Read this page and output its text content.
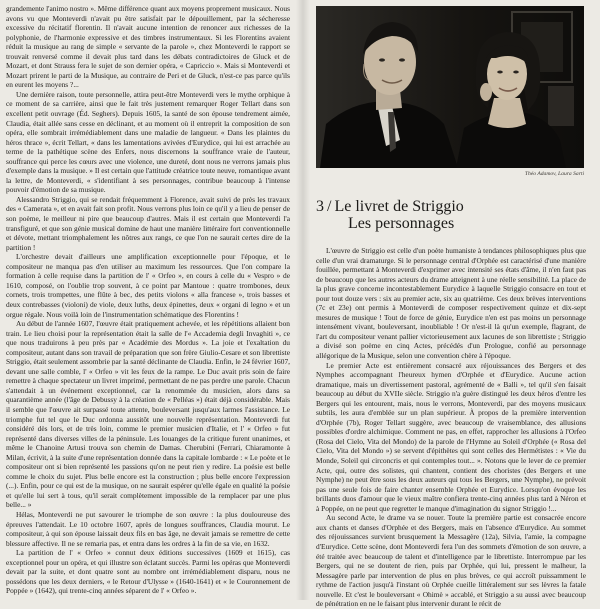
grandemente l'animo nostro ». Même différence quant aux moyens proprement musicaux. Nous avons vu que Monteverdi n'avait pu être satisfait par le dépouillement, par la sécheresse excessive du récitatif florentin. Il n'avait aucune intention de renoncer aux richesses de la polyphonie, de l'harmonie expressive et des timbres instrumentaux. Si les Florentins avaient réduit la musique au rang de simple « servante de la parole », chez Monteverdi le rapport se trouvait renversé comme il devait plus tard dans les débats contradictoires de Gluck et de Mozart, et dont Strauss fera le sujet de son dernier opéra, « Capriccio ». Mais si Monteverdi et Mozart prirent le parti de la Musique, au contraire de Peri et de Gluck, n'est-ce pas parce qu'ils en eurent les moyens ?...

Une dernière raison, toute personnelle, attira peut-être Monteverdi vers le mythe orphique à ce moment de sa carrière, ainsi que le fait très justement remarquer Roger Tellart dans son excellent petit ouvrage (Éd. Seghers). Depuis 1605, la santé de son épouse tendrement aimée, Claudia, était allée sans cesse en déclinant, et au moment où il entreprit la composition de son opéra, elle sombrait irrémédiablement dans une maladie de langueur. « Dans les plaintes du héros thrace », écrit Tellart, « dans les lamentations avivées d'Eurydice, qui lui est arrachée au terme de la pathétique scène des Enfers, nous discernons la souffrance vraie de l'auteur, souffrance qui perce les cœurs avec une violence, une dureté, dont nous ne verrons jamais plus d'exemple dans la musique. » Il est certain que l'attitude créatrice toute neuve, romantique avant la lettre, de Monteverdi, « s'identifiant à ses personnages, contribue beaucoup à l'intense pouvoir d'émotion de sa musique.

Alessandro Striggio, qui se rendait fréquemment à Florence, avait suivi de près les travaux des « Camerata », et en avait fait son profit. Nous verrons plus loin ce qu'il y a lieu de penser de son poème, le meilleur ni pire que beaucoup d'autres. Mais il est certain que Monteverdi l'a transfiguré, et que son génie musical domine de haut une manière littéraire fort conventionnelle et dévote, mettant triomphalement les nôtres aux rangs, ce que l'on ne saurait certes dire de la partition !

L'orchestre devait d'ailleurs une amplification exceptionnelle pour l'époque, et le compositeur ne manqua pas d'en utiliser au maximum les ressources. Que l'on compare la formation à celle requise dans la partition de l' « Orfeo », en cours à celle du « Vespro » de 1610, composé, on l'oublie trop souvent, à ce point par Mantoue : quatre trombones, deux cornets, trois trompettes, une flûte à bec, des petits violons « alla francese », trois basses et deux contrebasses (violoni) de viole, deux luths, deux épinettes, deux « organi di legno » et un orgue régale. Nous voilà loin de l'instrumentation schématique des Florentins !

Au début de l'année 1607, l'œuvre était pratiquement achevée, et les répétitions allaient bon train. Le lieu choisi pour la représentation était la salle de l'« Accademia degli Invaghiti », ce que nous traduirons à peu près par « Académie des Mordus ». La joie et l'exaltation du compositeur, autant dans son travail de préparation que son frère Giulio-Cesare et son librettiste Striggio, était seulement assombrie par la santé déclinante de Claudia. Enfin, le 24 février 1607, devant une salle comble, l' « Orfeo » vit les feux de la rampe. Le Duc avait pris soin de faire remettre à chaque spectateur un livret imprimé, permettant de ne pas perdre une parole. Chacun s'attendait à un événement exceptionnel, car la renommée du musicien, alors dans sa quarantième année (l'âge de Debussy à la création de « Pelléas ») était déjà considérable. Mais il semble que l'œuvre ait surpassé toute attente, bouleversant jusqu'aux larmes l'assistance. Le triomphe fut tel que le Duc ordonna aussitôt une nouvelle représentation. Monteverdi fut considéré dès lors, et de très loin, comme le premier musicien d'Italie, et l' « Orfeo » fut représenté dans diverses villes de la péninsule. Les louanges de la critique furent unanimes, et même le Chanoine Artusi trouva son chemin de Damas. Cherubini (Ferrari, Chiaramonte à Milan, écrivit, à la suite d'une représentation donnée dans la capitale lombarde : « Le poète et le compositeur ont si bien représenté les passions qu'on ne peut rien y redire. La poésie est belle comme le choix du sujet. Plus belle encore est la construction ; plus belle encore l'expression (...). Enfin, pour ce qui est de la musique, on ne saurait espérer qu'elle égale en qualité la poésie et qu'elle lui sert à tous, qu'il serait complètement impossible de la remplacer par une plus belle... »

Hélas, Monteverdi ne put savourer le triomphe de son œuvre : la plus douloureuse des épreuves l'attendait. Le 10 octobre 1607, après de longues souffrances, Claudia mourut. Le compositeur, à qui son épouse laissait deux fils en bas âge, ne devait jamais se remettre de cette blessure affective. Il ne se remaria pas, et entra dans les ordres à la fin de sa vie, en 1632.

La partition de l' « Orfeo » connut deux éditions successives (1609 et 1615), cas exceptionnel pour un opéra, et qui illustre son éclatant succès. Parmi les opéras que Monteverdi devait par la suite, et dont quatre sont au nombre ont irrémédiablement disparu, nous ne possédons que les deux derniers, « le Retour d'Ulysse » (1640-1641) et « le Couronnement de Poppée » (1642), qui trente-cinq années séparent de l' « Orfeo ».

Théo Adamov, Laura Sarti
3 / Le livret de Striggio
Les personnages

L'œuvre de Striggio est celle d'un poète humaniste à tendances philosophiques plus que celle d'un vrai dramaturge. Si le personnage central d'Orphée est caractérisé d'une manière fouillée, permettant à Monteverdi d'exprimer avec intensité ses états d'âme, il n'en faut pas de beaucoup que les autres acteurs du drame atteignent à une réelle sensibilité. La place de la plus grave concerne incontestablement Eurydice à laquelle Striggio consacre en tout et pour tout douze vers : six au premier acte, six au quatrième. Ces deux brèves interventions (7c et 23e) ont permis à Monteverdi de composer respectivement quinze et dix-sept mesures de musique ! Tout de force de génie, Eurydice n'en est pas moins un personnage intensément vivant, bouleversant, inoubliable ! Or n'est-il là qu'un exemple, flagrant, de l'art du compositeur venant pallier victorieusement aux lacunes de son librettiste ; Striggio a divisé son poème en cinq Actes, précédés d'un Prologue, confié au personnage allégorique de la Musique, selon une convention chère à l'époque.

Le premier Acte est entièrement consacré aux réjouissances des Bergers et des Nymphes accompagnant l'heureux hymen d'Orphée et d'Eurydice. Aucune action dramatique, mais un divertissement pastoral, agrémenté de « Balli », tel qu'il s'en faisait beaucoup au début du XVIIe siècle. Striggio n'a guère distingué les deux héros d'entre les Bergers qui les entourent, mais, nous le verrons, Monteverdi, par des moyens musicaux subtils, les aura d'emblée sur un plan supérieur. À propos de la première intervention d'Orphée (7b), Roger Tellart suggère, avec beaucoup de vraisemblance, des allusions possibles d'ordre alchimique. Comment ne pas, en effet, rapprocher les allusions à l'Orfeo (Rosa del Cielo, Vita del Mondo) de la parole de l'Hymne au Soleil d'Orphée (« Rosa del Cielo, Vita del Mondo ») se servent d'épithètes qui sont celles des Hermétistes : « Vie du Monde, Soleil qui circoncris et qui contemples tout... ». Notons que le lever de ce premier Acte, qui, outre des solistes, qui chantent, contient des choristes (des Bergers et une Nymphe) ne peut être sous les deux auteurs qui tous les Bergers, une Nymphe), ne prévoit pas une seule fois de faire chanter ensemble Orphée et Eurydice. Lorsqu'on évoque les brillants duos d'amour que le vieux maître confiera trente-cinq années plus tard à Néron et à Poppée, on ne peut que regretter le manque d'imagination du signor Striggio !...

Au second Acte, le drame va se nouer. Toute la première partie est consacrée encore aux chants et danses d'Orphée et des Bergers, mais en l'absence d'Eurydice. Au sommet des réjouissances survient brusquement la Messagère (12a), Silvia, l'amie, la compagne d'Eurydice. Cette scène, dont Monteverdi fera l'un des sommets d'émotion de son œuvre, a été traitée avec beaucoup de talent et d'intelligence par le librettiste. Interrompue par les Bergers, qui ne se doutent de rien, puis par Orphée, qui lui, pressent le malheur, la Messagère parle par intervention de plus en plus brèves, ce qui accroît puissamment le rythme de l'action jusqu'à l'instant où Orphée cueille littéralement sur ses lèvres la fatale nouvelle. Et c'est le bouleversant « Ohimè » accablé, et Striggio a su aussi avec beaucoup de pénétration en ne le faisant plus intervenir durant le récit de
